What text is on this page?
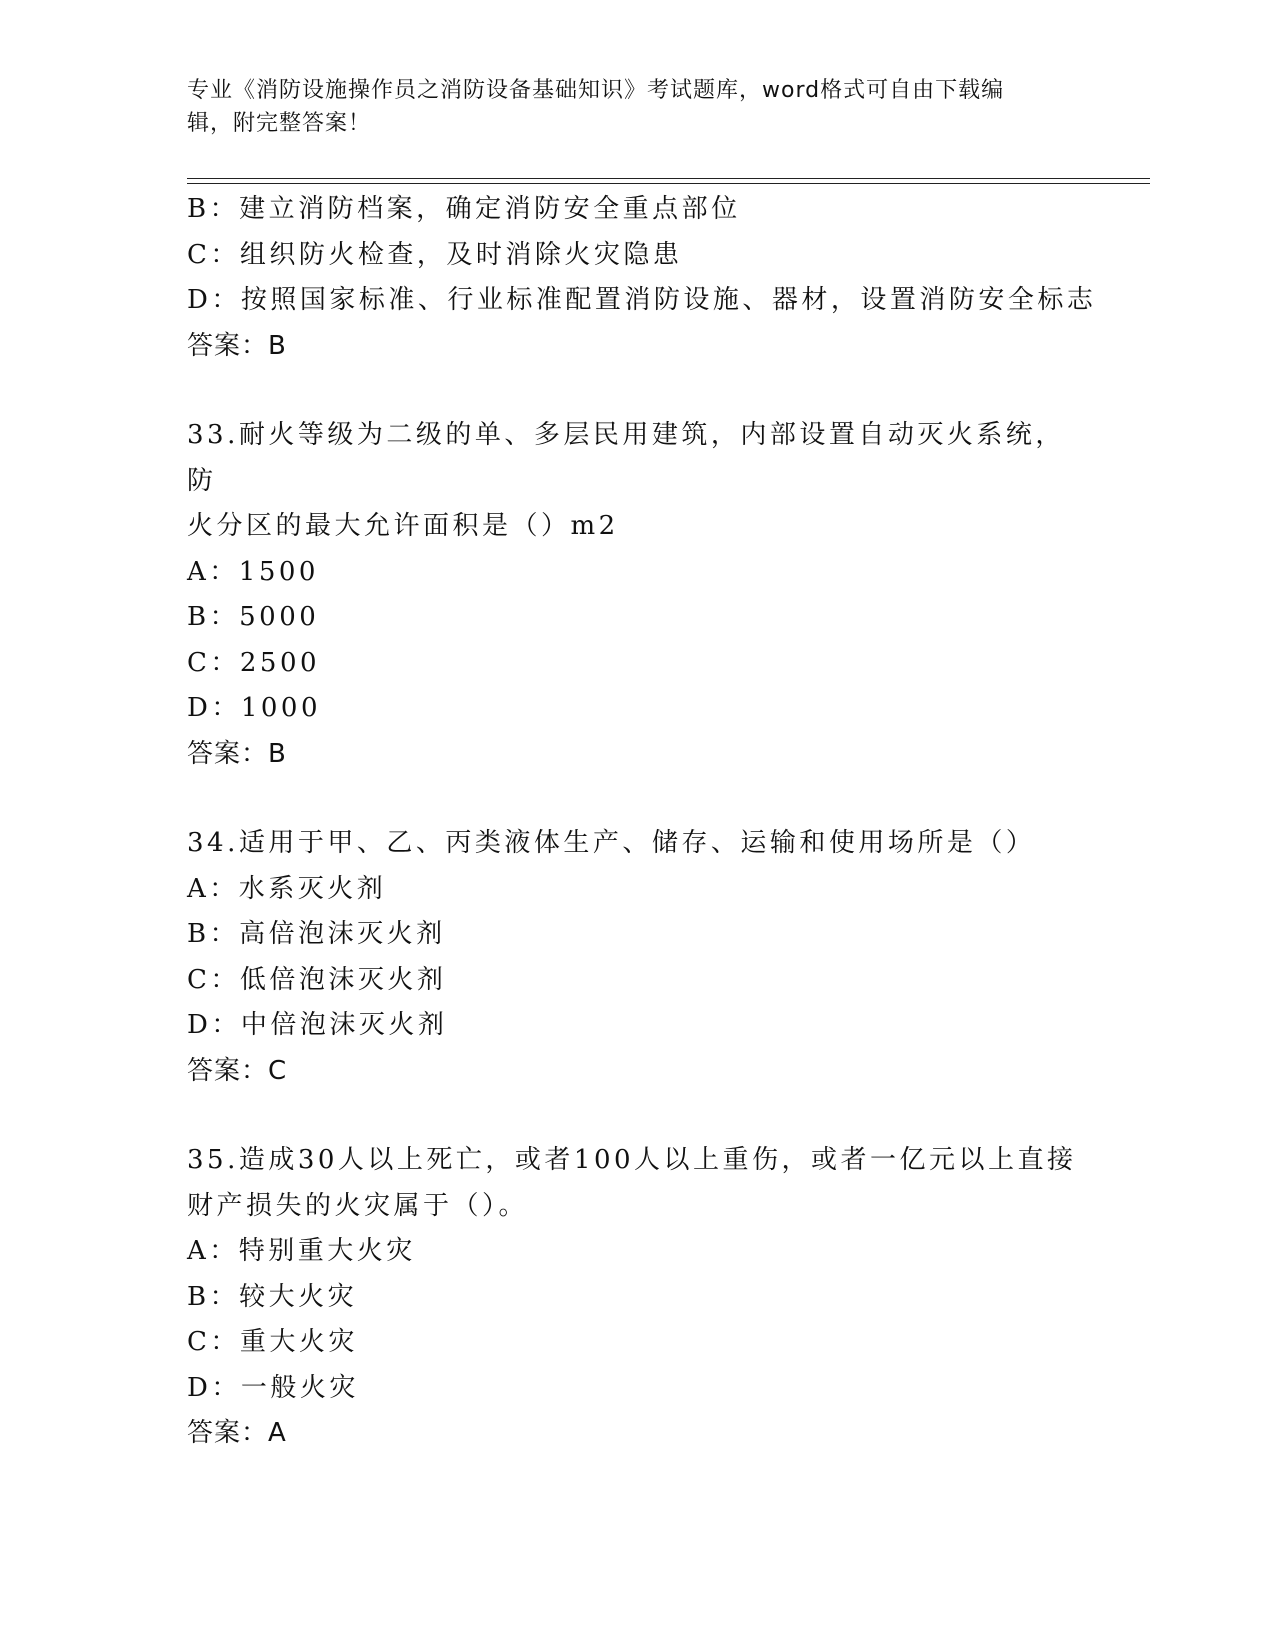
专业《消防设施操作员之消防设备基础知识》考试题库，word格式可自由下载编
辑，附完整答案！
B：建立消防档案，确定消防安全重点部位
C：组织防火检查，及时消除火灾隐患
D：按照国家标准、行业标准配置消防设施、器材，设置消防安全标志
答案：B
33.耐火等级为二级的单、多层民用建筑，内部设置自动灭火系统，防
火分区的最大允许面积是（）m2
A：1500
B：5000
C：2500
D：1000
答案：B
34.适用于甲、乙、丙类液体生产、储存、运输和使用场所是（）
A：水系灭火剂
B：高倍泡沫灭火剂
C：低倍泡沫灭火剂
D：中倍泡沫灭火剂
答案：C
35.造成30人以上死亡，或者100人以上重伤，或者一亿元以上直接
财产损失的火灾属于（）。
A：特别重大火灾
B：较大火灾
C：重大火灾
D：一般火灾
答案：A
